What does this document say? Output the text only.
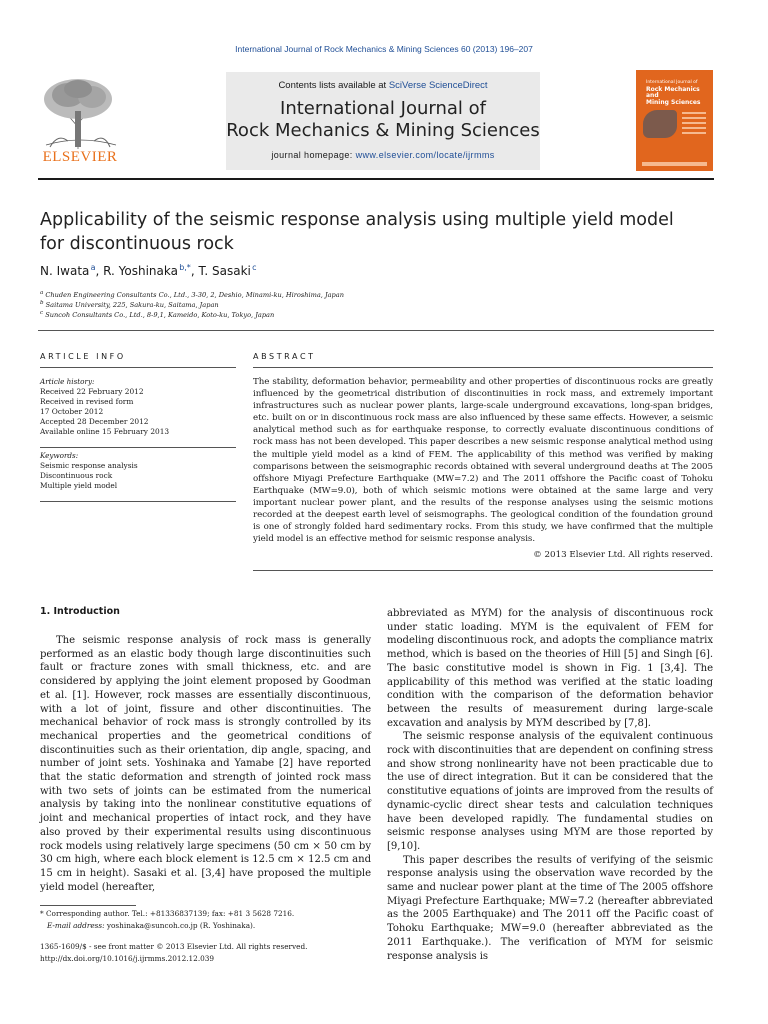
International Journal of Rock Mechanics & Mining Sciences 60 (2013) 196–207
ELSEVIER
Contents lists available at SciVerse ScienceDirect
International Journal of
Rock Mechanics & Mining Sciences
journal homepage: www.elsevier.com/locate/ijrmms
International Journal of
Rock Mechanics
and
Mining Sciences
Applicability of the seismic response analysis using multiple yield model
for discontinuous rock
N. Iwata $^a$, R. Yoshinaka $^{b,*}$, T. Sasaki $^c$
$^a$ Chuden Engineering Consultants Co., Ltd., 3-30, 2, Deshio, Minami-ku, Hiroshima, Japan
$^b$ Saitama University, 225, Sakura-ku, Saitama, Japan
$^c$ Suncoh Consultants Co., Ltd., 8-9,1, Kameido, Koto-ku, Tokyo, Japan
ARTICLE INFO
Article history:
Received 22 February 2012
Received in revised form
17 October 2012
Accepted 28 December 2012
Available online 15 February 2013
Keywords:
Seismic response analysis
Discontinuous rock
Multiple yield model
ABSTRACT
The stability, deformation behavior, permeability and other properties of discontinuous rocks are greatly influenced by the geometrical distribution of discontinuities in rock mass, and extremely important infrastructures such as nuclear power plants, large-scale underground excavations, long-span bridges, etc. built on or in discontinuous rock mass are also influenced by these same effects. However, a seismic analytical method such as for earthquake response, to correctly evaluate discontinuous conditions of rock mass has not been developed. This paper describes a new seismic response analytical method using the multiple yield model as a kind of FEM. The applicability of this method was verified by making comparisons between the seismographic records obtained with several underground deaths at The 2005 offshore Miyagi Prefecture Earthquake (MW=7.2) and The 2011 offshore the Pacific coast of Tohoku Earthquake (MW=9.0), both of which seismic motions were obtained at the same large and very important nuclear power plant, and the results of the response analyses using the seismic motions recorded at the deepest earth level of seismographs. The geological condition of the foundation ground is one of strongly folded hard sedimentary rocks. From this study, we have confirmed that the multiple yield model is an effective method for seismic response analysis.
© 2013 Elsevier Ltd. All rights reserved.
1. Introduction

The seismic response analysis of rock mass is generally performed as an elastic body though large discontinuities such fault or fracture zones with small thickness, etc. and are considered by applying the joint element proposed by Goodman et al. [1]. However, rock masses are essentially discontinuous, with a lot of joint, fissure and other discontinuities. The mechanical behavior of rock mass is strongly controlled by its mechanical properties and the geometrical conditions of discontinuities such as their orientation, dip angle, spacing, and number of joint sets. Yoshinaka and Yamabe [2] have reported that the static deformation and strength of jointed rock mass with two sets of joints can be estimated from the numerical analysis by taking into the nonlinear constitutive equations of joint and mechanical properties of intact rock, and they have also proved by their experimental results using discontinuous rock models using relatively large specimens (50 cm × 50 cm by 30 cm high, where each block element is 12.5 cm × 12.5 cm and 15 cm in height). Sasaki et al. [3,4] have proposed the multiple yield model (hereafter,

abbreviated as MYM) for the analysis of discontinuous rock under static loading. MYM is the equivalent of FEM for modeling discontinuous rock, and adopts the compliance matrix method, which is based on the theories of Hill [5] and Singh [6]. The basic constitutive model is shown in Fig. 1 [3,4]. The applicability of this method was verified at the static loading condition with the comparison of the deformation behavior between the results of measurement during large-scale excavation and analysis by MYM described by [7,8].

The seismic response analysis of the equivalent continuous rock with discontinuities that are dependent on confining stress and show strong nonlinearity have not been practicable due to the use of direct integration. But it can be considered that the constitutive equations of joints are improved from the results of dynamic-cyclic direct shear tests and calculation techniques have been developed rapidly. The fundamental studies on seismic response analyses using MYM are those reported by [9,10].

This paper describes the results of verifying of the seismic response analysis using the observation wave recorded by the same and nuclear power plant at the time of The 2005 offshore Miyagi Prefecture Earthquake; MW=7.2 (hereafter abbreviated as the 2005 Earthquake) and The 2011 off the Pacific coast of Tohoku Earthquake; MW=9.0 (hereafter abbreviated as the 2011 Earthquake.). The verification of MYM for seismic response analysis is

* Corresponding author. Tel.: +81336837139; fax: +81 3 5628 7216.
E-mail address: yoshinaka@suncoh.co.jp (R. Yoshinaka).
1365-1609/$ - see front matter © 2013 Elsevier Ltd. All rights reserved.
http://dx.doi.org/10.1016/j.ijrmms.2012.12.039
